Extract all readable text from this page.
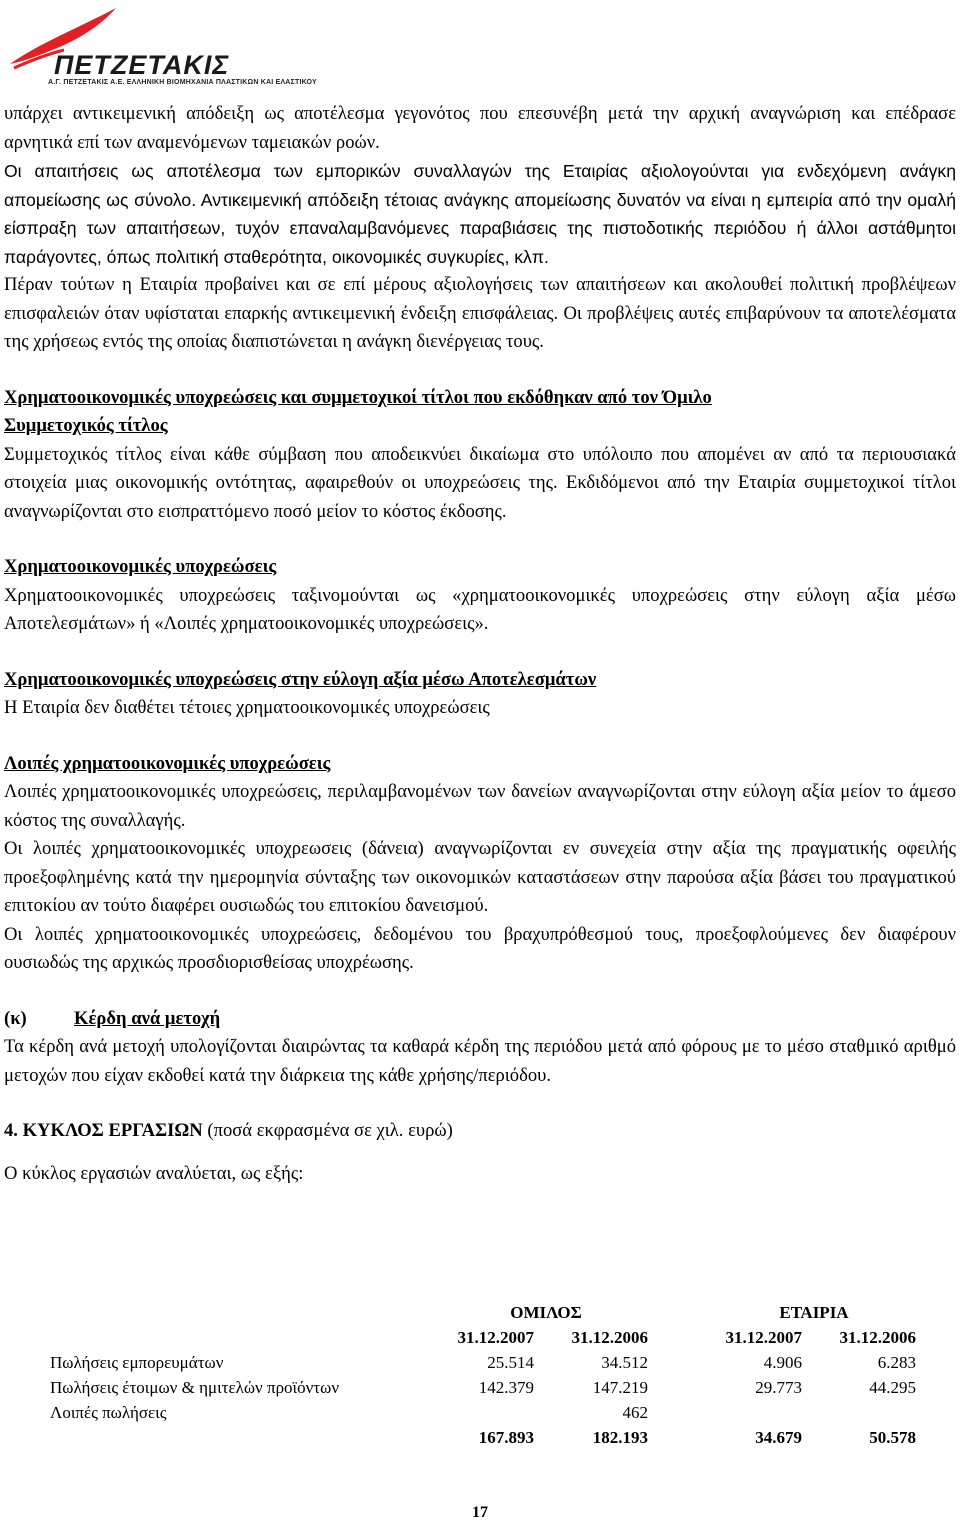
ΠΕΤΖΕΤΑΚΙΣ
Α.Γ. ΠΕΤΖΕΤΑΚΙΣ Α.Ε. ΕΛΛΗΝΙΚΗ ΒΙΟΜΗΧΑΝΙΑ ΠΛΑΣΤΙΚΩΝ ΚΑΙ ΕΛΑΣΤΙΚΟΥ

υπάρχει αντικειμενική απόδειξη ως αποτέλεσμα γεγονότος που επεσυνέβη μετά την αρχική αναγνώριση και επέδρασε αρνητικά επί των αναμενόμενων ταμειακών ροών.

Οι απαιτήσεις ως αποτέλεσμα των εμπορικών συναλλαγών της Εταιρίας αξιολογούνται για ενδεχόμενη ανάγκη απομείωσης ως σύνολο. Αντικειμενική απόδειξη τέτοιας ανάγκης απομείωσης δυνατόν να είναι η εμπειρία από την ομαλή είσπραξη των απαιτήσεων, τυχόν επαναλαμβανόμενες παραβιάσεις της πιστοδοτικής περιόδου ή άλλοι αστάθμητοι παράγοντες, όπως πολιτική σταθερότητα, οικονομικές συγκυρίες, κλπ.

Πέραν τούτων η Εταιρία προβαίνει και σε επί μέρους αξιολογήσεις των απαιτήσεων και ακολουθεί πολιτική προβλέψεων επισφαλειών όταν υφίσταται επαρκής αντικειμενική ένδειξη επισφάλειας. Οι προβλέψεις αυτές επιβαρύνουν τα αποτελέσματα της χρήσεως εντός της οποίας διαπιστώνεται η ανάγκη διενέργειας τους.

Χρηματοοικονομικές υποχρεώσεις και συμμετοχικοί τίτλοι που εκδόθηκαν από τον Όμιλο
Συμμετοχικός τίτλος

Συμμετοχικός τίτλος είναι κάθε σύμβαση που αποδεικνύει δικαίωμα στο υπόλοιπο που απομένει αν από τα περιουσιακά στοιχεία μιας οικονομικής οντότητας, αφαιρεθούν οι υποχρεώσεις της. Εκδιδόμενοι από την Εταιρία συμμετοχικοί τίτλοι αναγνωρίζονται στο εισπραττόμενο ποσό μείον το κόστος έκδοσης.

Χρηματοοικονομικές υποχρεώσεις

Χρηματοοικονομικές υποχρεώσεις ταξινομούνται ως «χρηματοοικονομικές υποχρεώσεις στην εύλογη αξία μέσω Αποτελεσμάτων» ή «Λοιπές χρηματοοικονομικές υποχρεώσεις».

Χρηματοοικονομικές υποχρεώσεις στην εύλογη αξία μέσω Αποτελεσμάτων

Η Εταιρία δεν διαθέτει τέτοιες χρηματοοικονομικές υποχρεώσεις

Λοιπές χρηματοοικονομικές υποχρεώσεις

Λοιπές χρηματοοικονομικές υποχρεώσεις, περιλαμβανομένων των δανείων αναγνωρίζονται στην εύλογη αξία μείον το άμεσο κόστος της συναλλαγής.

Οι λοιπές χρηματοοικονομικές υποχρεωσεις (δάνεια) αναγνωρίζονται εν συνεχεία στην αξία της πραγματικής οφειλής προεξοφλημένης κατά την ημερομηνία σύνταξης των οικονομικών καταστάσεων στην παρούσα αξία βάσει του πραγματικού επιτοκίου αν τούτο διαφέρει ουσιωδώς του επιτοκίου δανεισμού.

Οι λοιπές χρηματοοικονομικές υποχρεώσεις, δεδομένου του βραχυπρόθεσμού τους, προεξοφλούμενες δεν διαφέρουν ουσιωδώς της αρχικώς προσδιορισθείσας υποχρέωσης.

(κ)	Κέρδη ανά μετοχή

Τα κέρδη ανά μετοχή υπολογίζονται διαιρώντας τα καθαρά κέρδη της περιόδου μετά από φόρους με το μέσο σταθμικό αριθμό μετοχών που είχαν εκδοθεί κατά την διάρκεια της κάθε χρήσης/περιόδου.

4. ΚΥΚΛΟΣ ΕΡΓΑΣΙΩΝ (ποσά εκφρασμένα σε χιλ. ευρώ)

Ο κύκλος εργασιών αναλύεται, ως εξής:

	ΟΜΙΛΟΣ			ΕΤΑΙΡΙΑ	
	31.12.2007	31.12.2006		31.12.2007	31.12.2006
Πωλήσεις εμπορευμάτων	25.514	34.512		4.906	6.283
Πωλήσεις έτοιμων & ημιτελών προϊόντων	142.379	147.219		29.773	44.295
Λοιπές πωλήσεις		462			
	167.893	182.193		34.679	50.578
17
